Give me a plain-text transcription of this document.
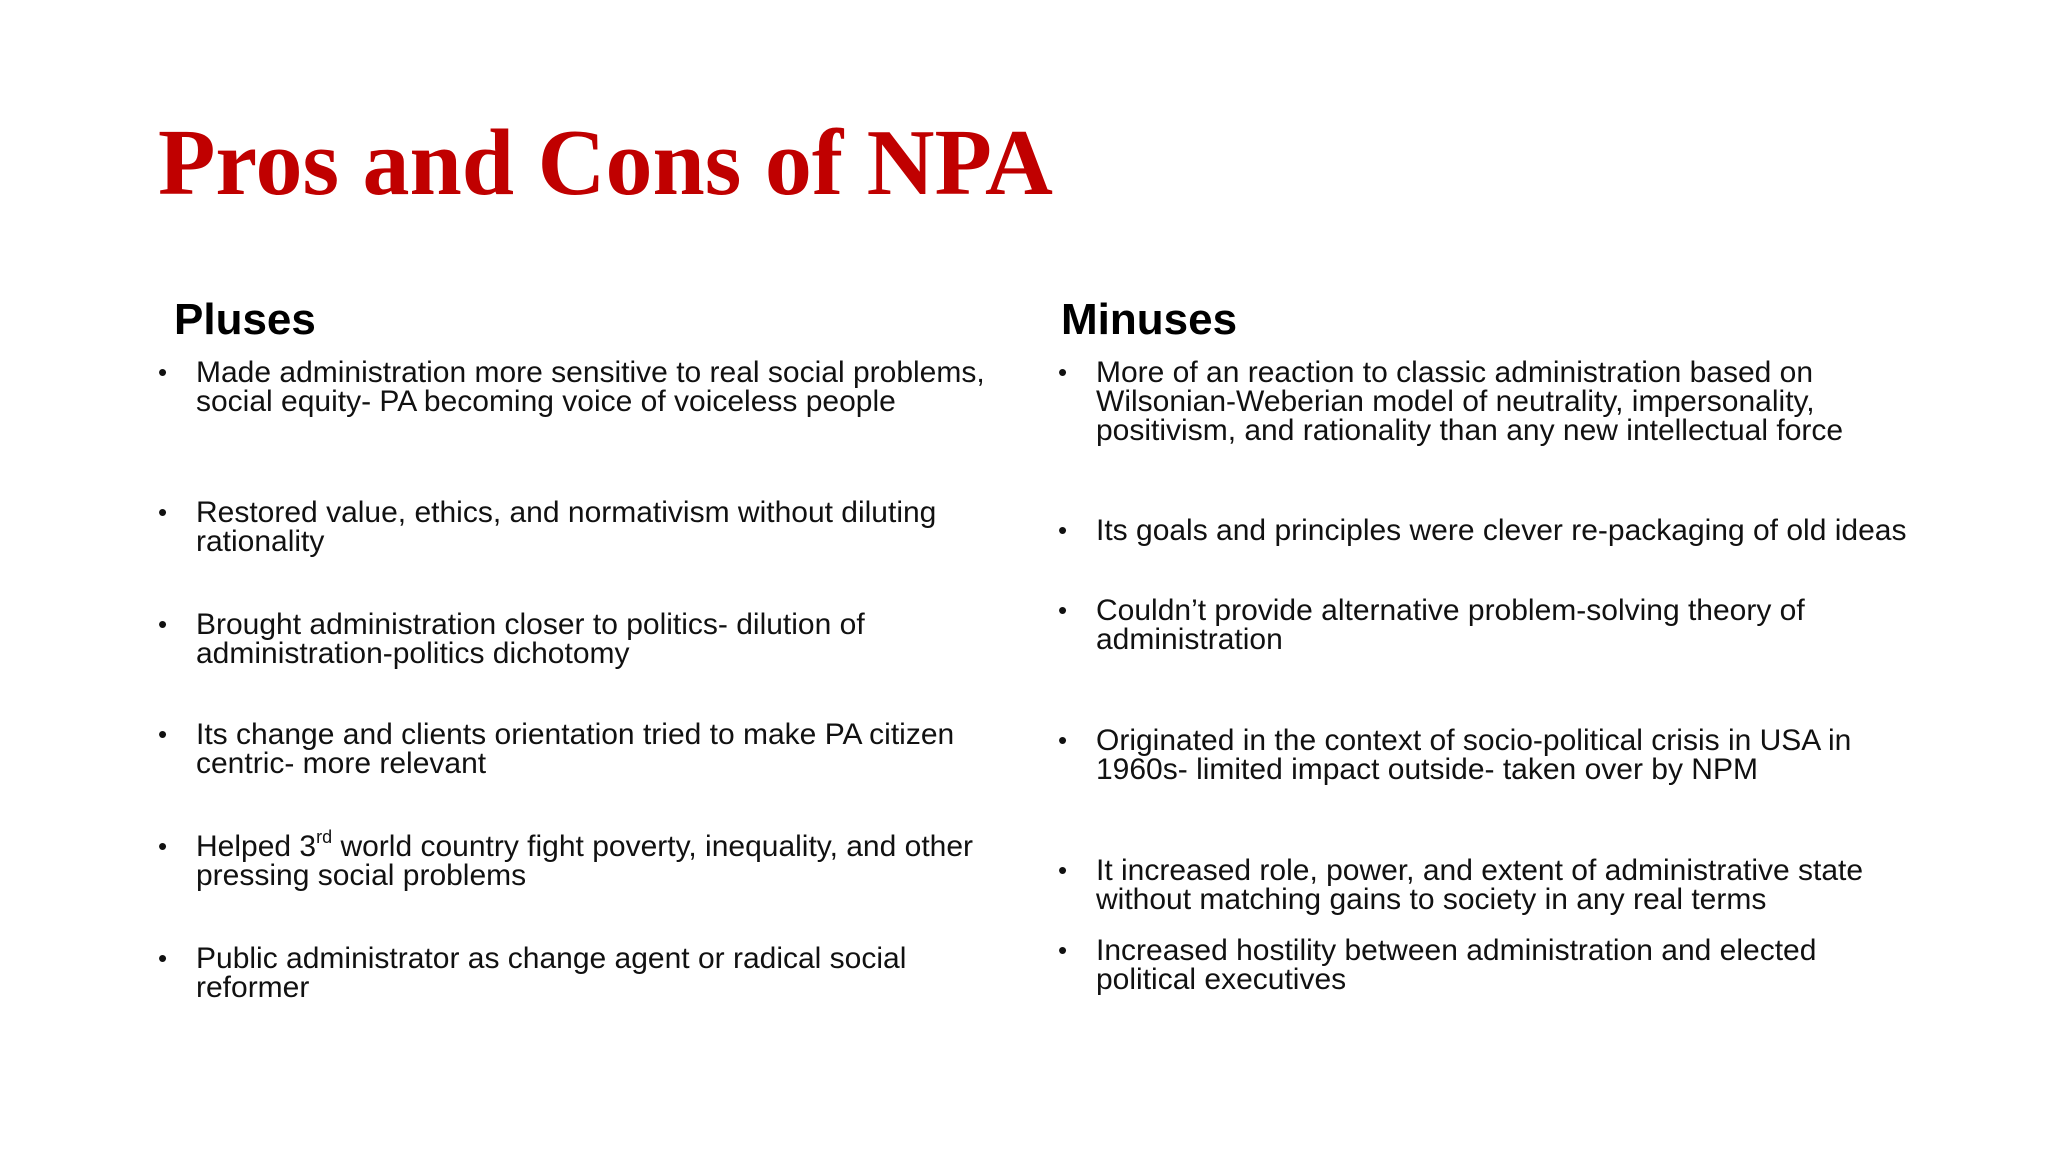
Pros and Cons of NPA
Pluses
• Made administration more sensitive to real social problems, social equity- PA becoming voice of voiceless people
• Restored value, ethics, and normativism without diluting rationality
• Brought administration closer to politics- dilution of administration-politics dichotomy
• Its change and clients orientation tried to make PA citizen centric- more relevant
• Helped 3rd world country fight poverty, inequality, and other pressing social problems
• Public administrator as change agent or radical social reformer
Minuses
• More of an reaction to classic administration based on Wilsonian-Weberian model of neutrality, impersonality, positivism, and rationality than any new intellectual force
• Its goals and principles were clever re-packaging of old ideas
• Couldn’t provide alternative problem-solving theory of administration
• Originated in the context of socio-political crisis in USA in 1960s- limited impact outside- taken over by NPM
• It increased role, power, and extent of administrative state without matching gains to society in any real terms
• Increased hostility between administration and elected political executives
